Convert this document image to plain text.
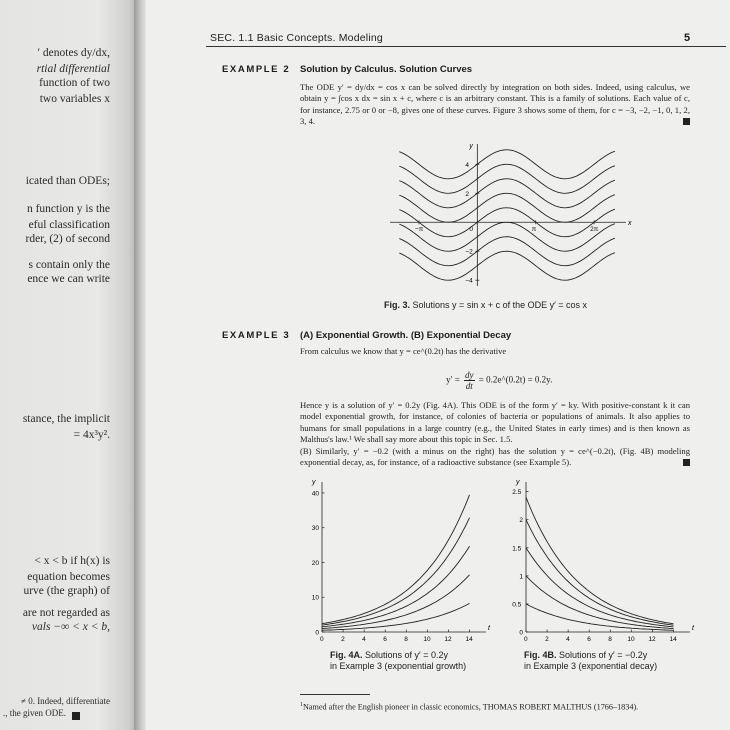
′ denotes dy/dx,
rtial differential
function of two
two variables x
icated than ODEs;
n function y is the
eful classification
rder, (2) of second
s contain only the
ence we can write
stance, the implicit
= 4x³y².
< x < b if h(x) is
equation becomes
urve (the graph) of
are not regarded as
vals −∞ < x < b,
≠ 0. Indeed, differentiate
., the given ODE.
SEC. 1.1 Basic Concepts. Modeling	5
EXAMPLE 2 Solution by Calculus. Solution Curves
The ODE y′ = dy/dx = cos x can be solved directly by integration on both sides. Indeed, using calculus, we obtain y = ∫cos x dx = sin x + c, where c is an arbitrary constant. This is a family of solutions. Each value of c, for instance, 2.75 or 0 or −8, gives one of these curves. Figure 3 shows some of them, for c = −3, −2, −1, 0, 1, 2, 3, 4.
x
y
−π	0	π	2π
−4
−2
2
4
Fig. 3. Solutions y = sin x + c of the ODE y′ = cos x
EXAMPLE 3 (A) Exponential Growth. (B) Exponential Decay
From calculus we know that y = ce^(0.2t) has the derivative
$y' = \frac{dy}{dt}$ = 0.2e^(0.2t) = 0.2y.
Hence y is a solution of y′ = 0.2y (Fig. 4A). This ODE is of the form y′ = ky. With positive-constant k it can model exponential growth, for instance, of colonies of bacteria or populations of animals. It also applies to humans for small populations in a large country (e.g., the United States in early times) and is then known as Malthus's law.¹ We shall say more about this topic in Sec. 1.5.
(B) Similarly, y′ = −0.2 (with a minus on the right) has the solution y = ce^(−0.2t), (Fig. 4B) modeling exponential decay, as, for instance, of a radioactive substance (see Example 5).
t
y
0	2	4	6	8 10 12 14
0
10
20
30
40
Fig. 4A. Solutions of y′ = 0.2y
in Example 3 (exponential growth)
t
y
0	2	4	6	8 10 12 14
0
0.5
1
1.5
2
2.5
Fig. 4B. Solutions of y′ = −0.2y
in Example 3 (exponential decay)
$^1$Named after the English pioneer in classic economics, THOMAS ROBERT MALTHUS (1766–1834).
